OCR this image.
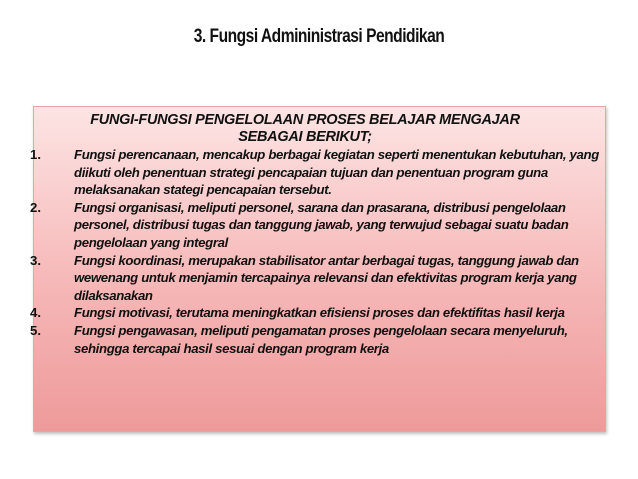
3. Fungsi Admininistrasi Pendidikan
FUNGI-FUNGSI PENGELOLAAN PROSES BELAJAR MENGAJAR SEBAGAI BERIKUT;
1.	Fungsi perencanaan, mencakup berbagai kegiatan seperti menentukan kebutuhan, yang diikuti oleh penentuan strategi pencapaian tujuan dan penentuan program guna melaksanakan stategi pencapaian tersebut.
2.	Fungsi organisasi, meliputi personel, sarana dan prasarana, distribusi pengelolaan personel, distribusi tugas dan tanggung jawab, yang terwujud sebagai suatu badan pengelolaan yang integral
3.	Fungsi koordinasi, merupakan stabilisator antar berbagai tugas, tanggung jawab dan wewenang untuk menjamin tercapainya relevansi dan efektivitas program kerja yang dilaksanakan
4.	Fungsi motivasi, terutama meningkatkan efisiensi proses dan efektifitas hasil kerja
5.	Fungsi pengawasan, meliputi pengamatan proses pengelolaan secara menyeluruh, sehingga tercapai hasil sesuai dengan program kerja
